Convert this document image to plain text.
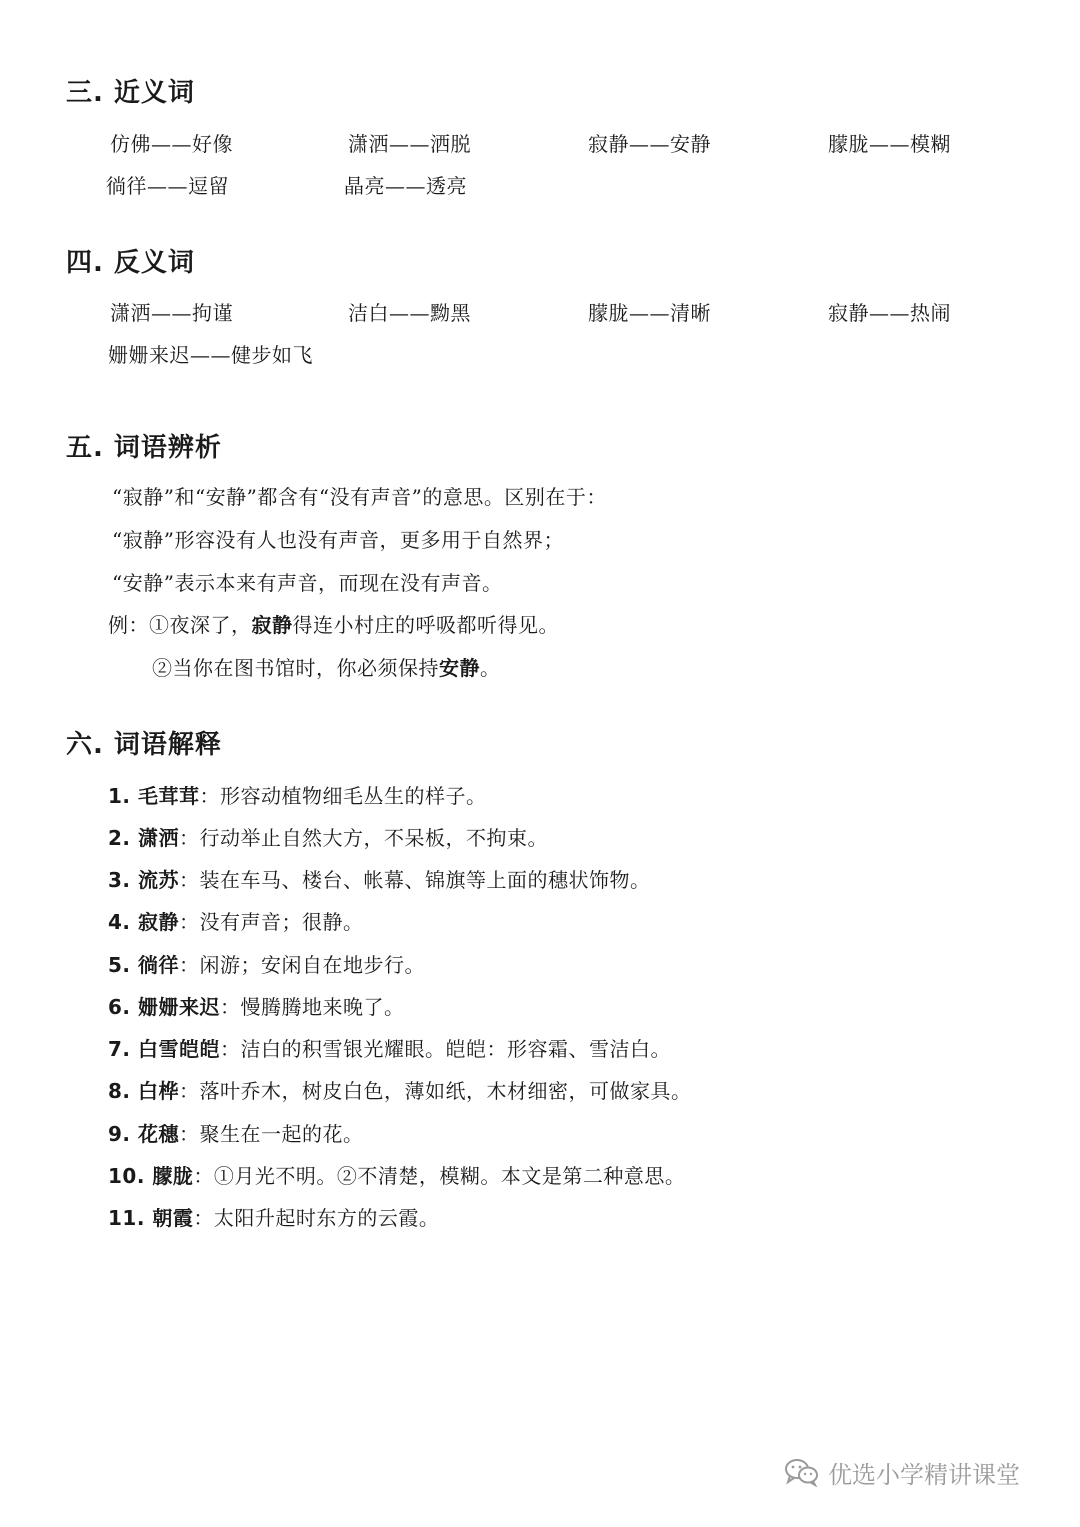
三. 近义词
仿佛——好像	潇洒——洒脱	寂静——安静	朦胧——模糊
徜徉——逗留	晶亮——透亮
四. 反义词
潇洒——拘谨	洁白——黝黑	朦胧——清晰	寂静——热闹
姗姗来迟——健步如飞
五. 词语辨析
“寂静”和“安静”都含有“没有声音”的意思。区别在于：
“寂静”形容没有人也没有声音，更多用于自然界；
“安静”表示本来有声音，而现在没有声音。
例：①夜深了，寂静得连小村庄的呼吸都听得见。
②当你在图书馆时，你必须保持安静。
六. 词语解释
1. 毛茸茸：形容动植物细毛丛生的样子。
2. 潇洒：行动举止自然大方，不呆板，不拘束。
3. 流苏：装在车马、楼台、帐幕、锦旗等上面的穗状饰物。
4. 寂静：没有声音；很静。
5. 徜徉：闲游；安闲自在地步行。
6. 姗姗来迟：慢腾腾地来晚了。
7. 白雪皑皑：洁白的积雪银光耀眼。皑皑：形容霜、雪洁白。
8. 白桦：落叶乔木，树皮白色，薄如纸，木材细密，可做家具。
9. 花穗：聚生在一起的花。
10. 朦胧：①月光不明。②不清楚，模糊。本文是第二种意思。
11. 朝霞：太阳升起时东方的云霞。
优选小学精讲课堂
